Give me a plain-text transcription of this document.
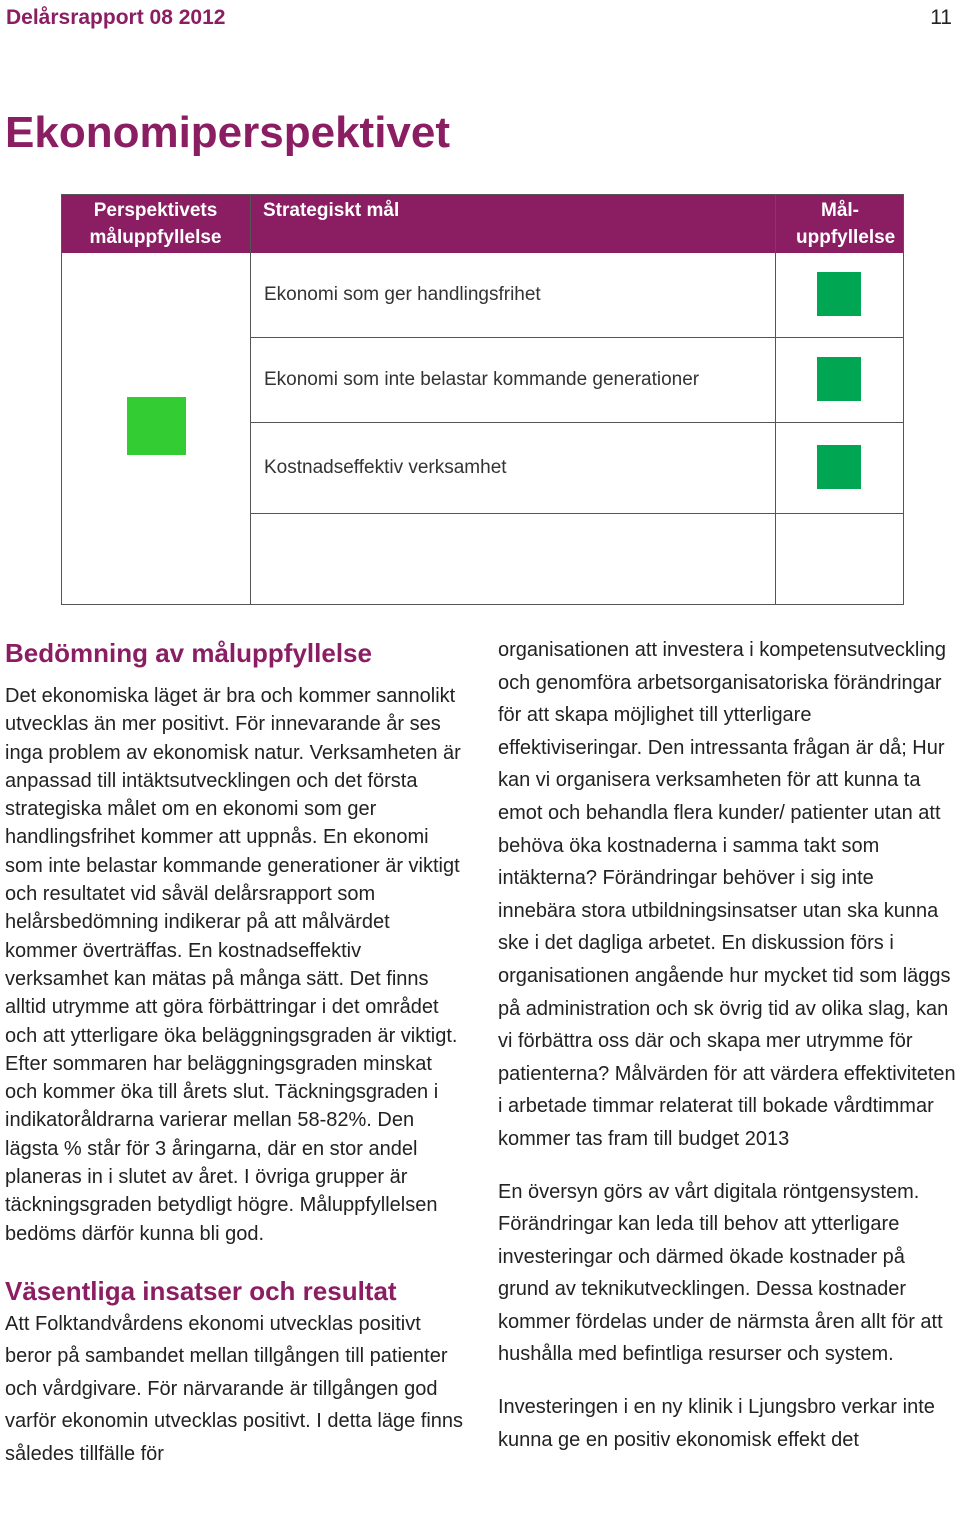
Delårsrapport 08 2012	11
Ekonomiperspektivet
Perspektivets måluppfyllelse
Strategiskt mål	Mål-uppfyllelse
Ekonomi som ger handlingsfrihet
Ekonomi som inte belastar kommande generationer
Kostnadseffektiv verksamhet
Bedömning av måluppfyllelse

Det ekonomiska läget är bra och kommer sannolikt utvecklas än mer positivt. För innevarande år ses inga problem av ekonomisk natur. Verksamheten är anpassad till intäktsutvecklingen och det första strategiska målet om en ekonomi som ger handlingsfrihet kommer att uppnås. En ekonomi som inte belastar kommande generationer är viktigt och resultatet vid såväl delårsrapport som helårsbedömning indikerar på att målvärdet kommer överträffas. En kostnadseffektiv verksamhet kan mätas på många sätt. Det finns alltid utrymme att göra förbättringar i det området och att ytterligare öka beläggningsgraden är viktigt. Efter sommaren har beläggningsgraden minskat och kommer öka till årets slut. Täckningsgraden i indikatoråldrarna varierar mellan 58-82%. Den lägsta % står för 3 åringarna, där en stor andel planeras in i slutet av året. I övriga grupper är täckningsgraden betydligt högre. Måluppfyllelsen bedöms därför kunna bli god.

Väsentliga insatser och resultat

Att Folktandvårdens ekonomi utvecklas positivt beror på sambandet mellan tillgången till patienter och vårdgivare. För närvarande är tillgången god varför ekonomin utvecklas positivt. I detta läge finns således tillfälle för

organisationen att investera i kompetensutveckling och genomföra arbetsorganisatoriska förändringar för att skapa möjlighet till ytterligare effektiviseringar. Den intressanta frågan är då; Hur kan vi organisera verksamheten för att kunna ta emot och behandla flera kunder/ patienter utan att behöva öka kostnaderna i samma takt som intäkterna? Förändringar behöver i sig inte innebära stora utbildningsinsatser utan ska kunna ske i det dagliga arbetet. En diskussion förs i organisationen angående hur mycket tid som läggs på administration och sk övrig tid av olika slag, kan vi förbättra oss där och skapa mer utrymme för patienterna? Målvärden för att värdera effektiviteten i arbetade timmar relaterat till bokade vårdtimmar kommer tas fram till budget 2013

En översyn görs av vårt digitala röntgensystem. Förändringar kan leda till behov att ytterligare investeringar och därmed ökade kostnader på grund av teknikutvecklingen. Dessa kostnader kommer fördelas under de närmsta åren allt för att hushålla med befintliga resurser och system.

Investeringen i en ny klinik i Ljungsbro verkar inte kunna ge en positiv ekonomisk effekt det
